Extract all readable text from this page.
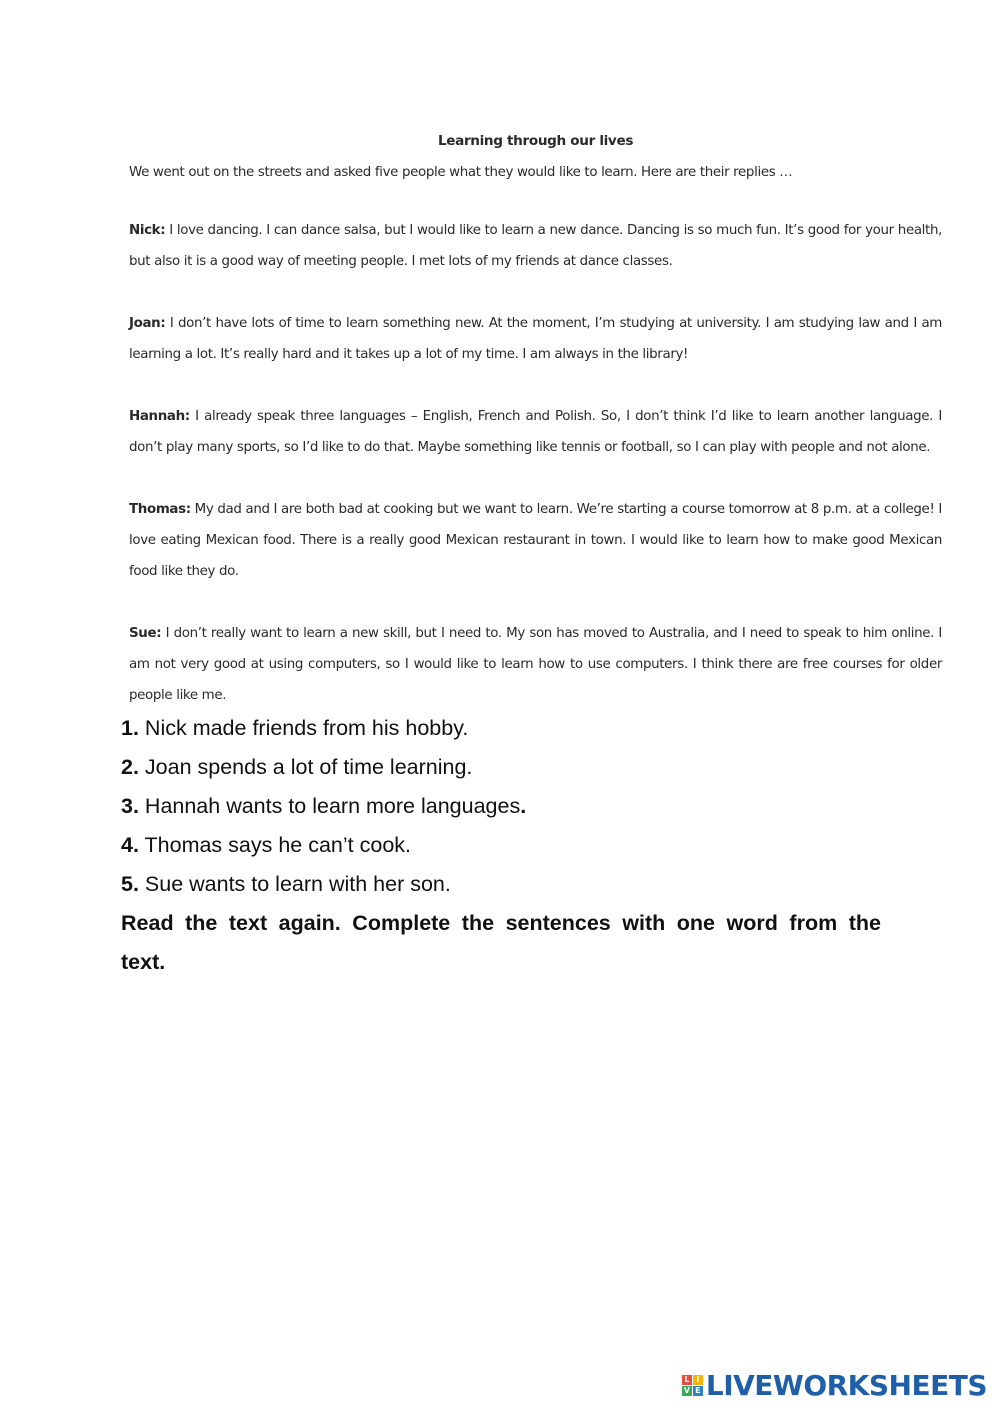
Learning through our lives
We went out on the streets and asked five people what they would like to learn. Here are their replies …

Nick: I love dancing. I can dance salsa, but I would like to learn a new dance. Dancing is so much fun. It’s good for your health, but also it is a good way of meeting people. I met lots of my friends at dance classes.

Joan: I don’t have lots of time to learn something new. At the moment, I’m studying at university. I am studying law and I am learning a lot. It’s really hard and it takes up a lot of my time. I am always in the library!

Hannah: I already speak three languages – English, French and Polish. So, I don’t think I’d like to learn another language. I don’t play many sports, so I’d like to do that. Maybe something like tennis or football, so I can play with people and not alone.

Thomas: My dad and I are both bad at cooking but we want to learn. We’re starting a course tomorrow at 8 p.m. at a college! I love eating Mexican food. There is a really good Mexican restaurant in town. I would like to learn how to make good Mexican food like they do.

Sue: I don’t really want to learn a new skill, but I need to. My son has moved to Australia, and I need to speak to him online. I am not very good at using computers, so I would like to learn how to use computers. I think there are free courses for older people like me.

1. Nick made friends from his hobby.
2. Joan spends a lot of time learning.
3. Hannah wants to learn more languages.
4. Thomas says he can’t cook.
5. Sue wants to learn with her son.
Read the text again. Complete the sentences with one word from the text.
L I
V E LIVEWORKSHEETS
